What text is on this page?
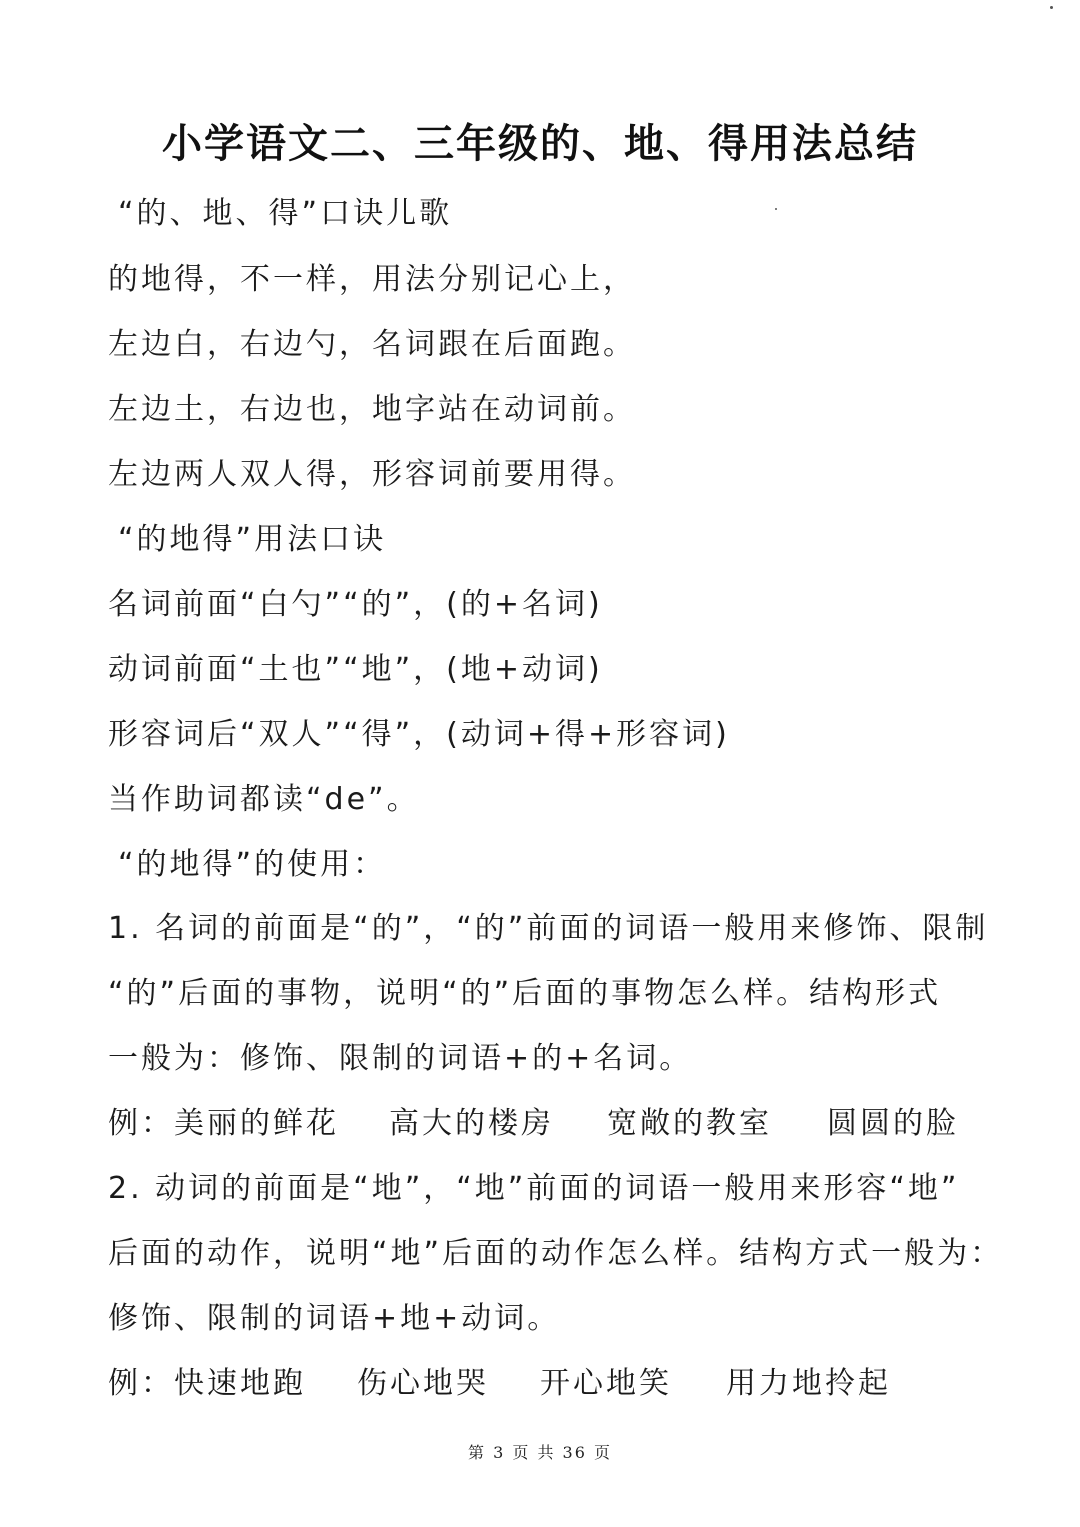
小学语文二、三年级的、地、得用法总结
“的、地、得”口诀儿歌
的地得，不一样，用法分别记心上，
左边白，右边勺，名词跟在后面跑。
左边土，右边也，地字站在动词前。
左边两人双人得，形容词前要用得。
“的地得”用法口诀
名词前面“白勺”“的”，(的+名词)
动词前面“土也”“地”，(地+动词)
形容词后“双人”“得”，(动词+得+形容词)
当作助词都读“de”。
“的地得”的使用：
1. 名词的前面是“的”，“的”前面的词语一般用来修饰、限制
“的”后面的事物，说明“的”后面的事物怎么样。结构形式
一般为：修饰、限制的词语+的+名词。
例： 美丽的鲜花	高大的楼房	宽敞的教室	圆圆的脸
2. 动词的前面是“地”，“地”前面的词语一般用来形容“地”
后面的动作，说明“地”后面的动作怎么样。结构方式一般为：
修饰、限制的词语+地+动词。
例： 快速地跑	伤心地哭	开心地笑	用力地拎起
第 3 页 共 36 页
